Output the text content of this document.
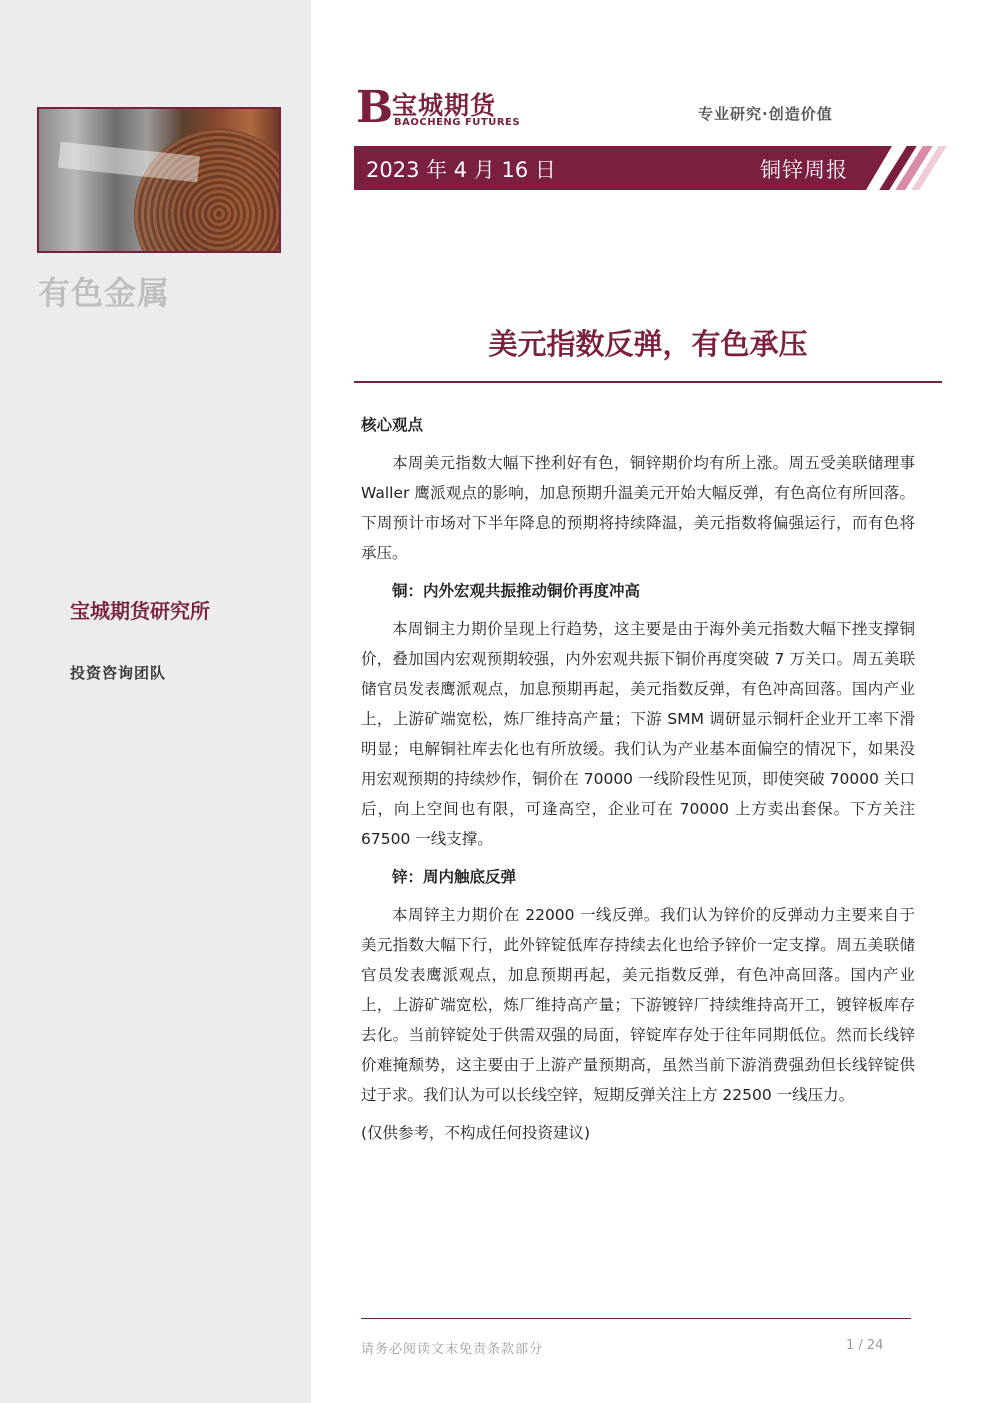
有色金属
宝城期货研究所
投资咨询团队
B
宝城期货
BAOCHENG FUTURES	专业研究·创造价值
2023 年 4 月 16 日	铜锌周报
美元指数反弹，有色承压

核心观点

本周美元指数大幅下挫利好有色，铜锌期价均有所上涨。周五受美联储理事 Waller 鹰派观点的影响，加息预期升温美元开始大幅反弹，有色高位有所回落。下周预计市场对下半年降息的预期将持续降温，美元指数将偏强运行，而有色将承压。

铜：内外宏观共振推动铜价再度冲高

本周铜主力期价呈现上行趋势，这主要是由于海外美元指数大幅下挫支撑铜价，叠加国内宏观预期较强，内外宏观共振下铜价再度突破 7 万关口。周五美联储官员发表鹰派观点，加息预期再起，美元指数反弹，有色冲高回落。国内产业上，上游矿端宽松，炼厂维持高产量；下游 SMM 调研显示铜杆企业开工率下滑明显；电解铜社库去化也有所放缓。我们认为产业基本面偏空的情况下，如果没用宏观预期的持续炒作，铜价在 70000 一线阶段性见顶，即使突破 70000 关口后，向上空间也有限，可逢高空，企业可在 70000 上方卖出套保。下方关注 67500 一线支撑。

锌：周内触底反弹

本周锌主力期价在 22000 一线反弹。我们认为锌价的反弹动力主要来自于美元指数大幅下行，此外锌锭低库存持续去化也给予锌价一定支撑。周五美联储官员发表鹰派观点，加息预期再起，美元指数反弹，有色冲高回落。国内产业上，上游矿端宽松，炼厂维持高产量；下游镀锌厂持续维持高开工，镀锌板库存去化。当前锌锭处于供需双强的局面，锌锭库存处于往年同期低位。然而长线锌价难掩颓势，这主要由于上游产量预期高，虽然当前下游消费强劲但长线锌锭供过于求。我们认为可以长线空锌，短期反弹关注上方 22500 一线压力。

(仅供参考，不构成任何投资建议)

请务必阅读文末免责条款部分	1 / 24
